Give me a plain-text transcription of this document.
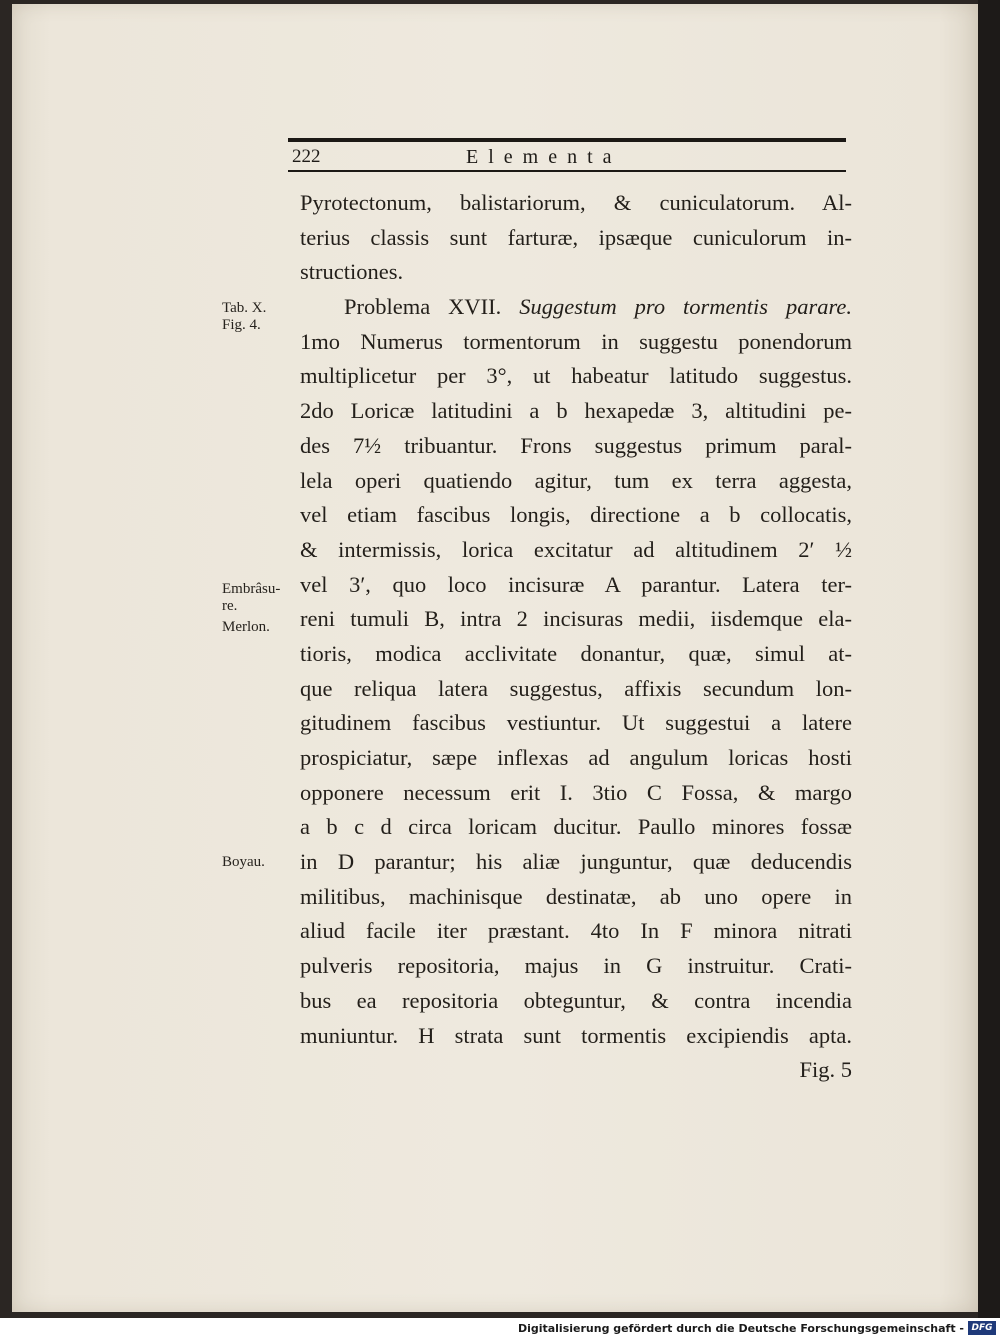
222	Elementa
Tab. X.
Fig. 4.
Embrâsu-
re.
Merlon.
Boyau.
Pyrotectonum, balistariorum, & cuniculatorum. Al-
terius classis sunt farturæ, ipsæque cuniculorum in-
structiones.
Problema XVII. Suggestum pro tormentis parare.
1mo Numerus tormentorum in suggestu ponendorum
multiplicetur per 3°, ut habeatur latitudo suggestus.
2do Loricæ latitudini a b hexapedæ 3, altitudini pe-
des 7½ tribuantur. Frons suggestus primum paral-
lela operi quatiendo agitur, tum ex terra aggesta,
vel etiam fascibus longis, directione a b collocatis,
& intermissis, lorica excitatur ad altitudinem 2′ ½
vel 3′, quo loco incisuræ A parantur. Latera ter-
reni tumuli B, intra 2 incisuras medii, iisdemque ela-
tioris, modica acclivitate donantur, quæ, simul at-
que reliqua latera suggestus, affixis secundum lon-
gitudinem fascibus vestiuntur. Ut suggestui a latere
prospiciatur, sæpe inflexas ad angulum loricas hosti
opponere necessum erit I. 3tio C Fossa, & margo
a b c d circa loricam ducitur. Paullo minores fossæ
in D parantur; his aliæ junguntur, quæ deducendis
militibus, machinisque destinatæ, ab uno opere in
aliud facile iter præstant. 4to In F minora nitrati
pulveris repositoria, majus in G instruitur. Crati-
bus ea repositoria obteguntur, & contra incendia
muniuntur. H strata sunt tormentis excipiendis apta.
Fig. 5
Digitalisierung gefördert durch die Deutsche Forschungsgemeinschaft - DFG
